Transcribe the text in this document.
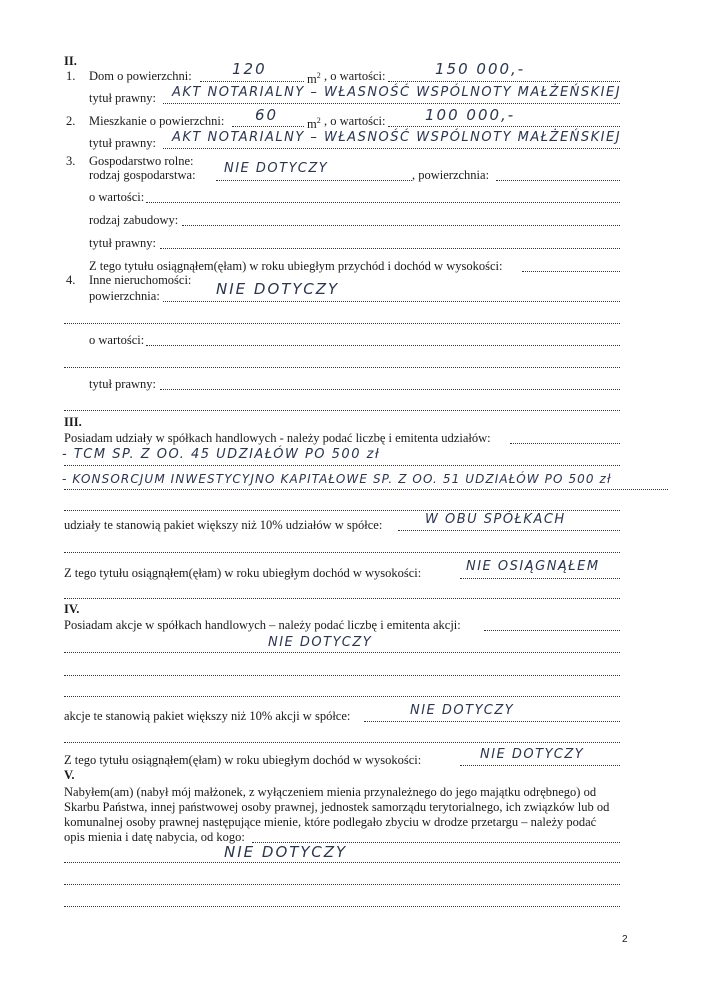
II.
1. Dom o powierzchni:	120
$m^2$ , o wartości:	150 000,-
tytuł prawny: AKT NOTARIALNY – WŁASNOŚĆ WSPÓLNOTY MAŁŻEŃSKIEJ
2. Mieszkanie o powierzchni: 60
$m^2$ , o wartości:	100 000,-
tytuł prawny: AKT NOTARIALNY – WŁASNOŚĆ WSPÓLNOTY MAŁŻEŃSKIEJ
3. Gospodarstwo rolne:
rodzaj gospodarstwa: NIE DOTYCZY	, powierzchnia:
o wartości:
rodzaj zabudowy:
tytuł prawny:
Z tego tytułu osiągnąłem(ęłam) w roku ubiegłym przychód i dochód w wysokości:
4. Inne nieruchomości:
powierzchnia:	NIE DOTYCZY
o wartości:
tytuł prawny:
III.
Posiadam udziały w spółkach handlowych - należy podać liczbę i emitenta udziałów:
- TCM SP. Z OO. 45 UDZIAŁÓW PO 500 zł
- KONSORCJUM INWESTYCYJNO KAPITAŁOWE SP. Z OO. 51 UDZIAŁÓW PO 500 zł
udziały te stanowią pakiet większy niż 10% udziałów w spółce:	W OBU SPÓŁKACH
Z tego tytułu osiągnąłem(ęłam) w roku ubiegłym dochód w wysokości:	NIE OSIĄGNĄŁEM
IV.
Posiadam akcje w spółkach handlowych – należy podać liczbę i emitenta akcji:
NIE DOTYCZY
akcje te stanowią pakiet większy niż 10% akcji w spółce:	NIE DOTYCZY
Z tego tytułu osiągnąłem(ęłam) w roku ubiegłym dochód w wysokości:	NIE DOTYCZY
V.
Nabyłem(am) (nabył mój małżonek, z wyłączeniem mienia przynależnego do jego majątku odrębnego) od
Skarbu Państwa, innej państwowej osoby prawnej, jednostek samorządu terytorialnego, ich związków lub od
komunalnej osoby prawnej następujące mienie, które podlegało zbyciu w drodze przetargu – należy podać
opis mienia i datę nabycia, od kogo:
NIE DOTYCZY
2
